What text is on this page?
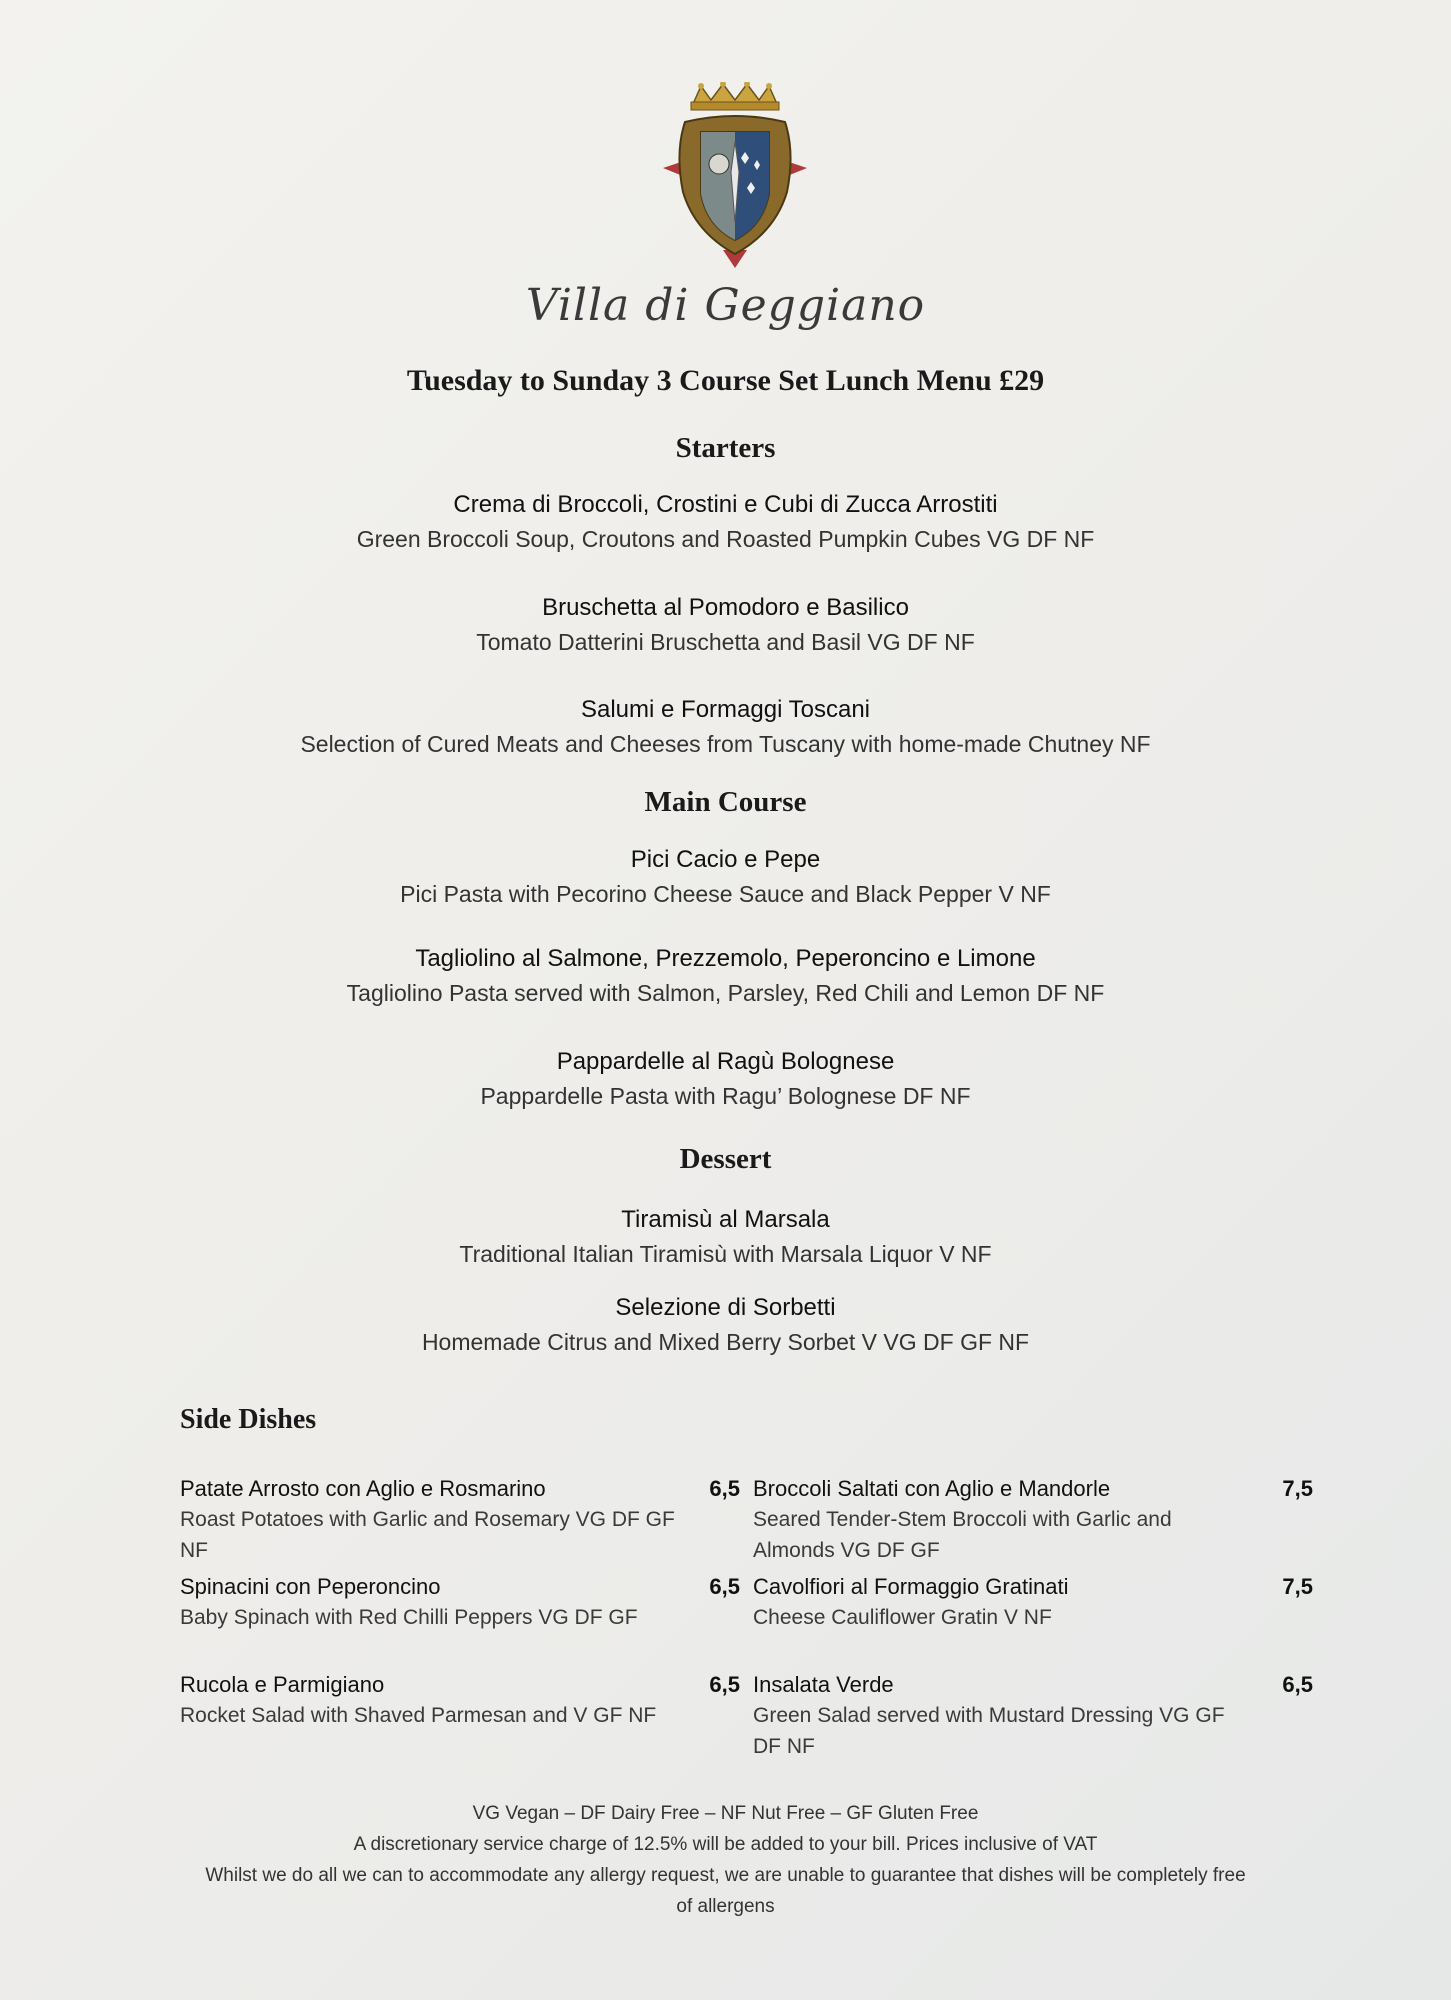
Villa di Geggiano
Tuesday to Sunday 3 Course Set Lunch Menu £29
Starters
Crema di Broccoli, Crostini e Cubi di Zucca Arrostiti
Green Broccoli Soup, Croutons and Roasted Pumpkin Cubes VG DF NF
Bruschetta al Pomodoro e Basilico
Tomato Datterini Bruschetta and Basil VG DF NF
Salumi e Formaggi Toscani
Selection of Cured Meats and Cheeses from Tuscany with home-made Chutney NF
Main Course
Pici Cacio e Pepe
Pici Pasta with Pecorino Cheese Sauce and Black Pepper V NF
Tagliolino al Salmone, Prezzemolo, Peperoncino e Limone
Tagliolino Pasta served with Salmon, Parsley, Red Chili and Lemon DF NF
Pappardelle al Ragù Bolognese
Pappardelle Pasta with Ragu’ Bolognese DF NF
Dessert
Tiramisù al Marsala
Traditional Italian Tiramisù with Marsala Liquor V NF
Selezione di Sorbetti
Homemade Citrus and Mixed Berry Sorbet V VG DF GF NF
Side Dishes
Patate Arrosto con Aglio e Rosmarino	6,5
Roast Potatoes with Garlic and Rosemary VG DF GF NF
Broccoli Saltati con Aglio e Mandorle	7,5
Seared Tender-Stem Broccoli with Garlic and Almonds VG DF GF
Spinacini con Peperoncino	6,5
Baby Spinach with Red Chilli Peppers VG DF GF
Cavolfiori al Formaggio Gratinati	7,5
Cheese Cauliflower Gratin V NF
Rucola e Parmigiano	6,5
Rocket Salad with Shaved Parmesan and V GF NF
Insalata Verde	6,5
Green Salad served with Mustard Dressing VG GF DF NF
VG Vegan – DF Dairy Free – NF Nut Free – GF Gluten Free
A discretionary service charge of 12.5% will be added to your bill. Prices inclusive of VAT
Whilst we do all we can to accommodate any allergy request, we are unable to guarantee that dishes will be completely free of allergens
